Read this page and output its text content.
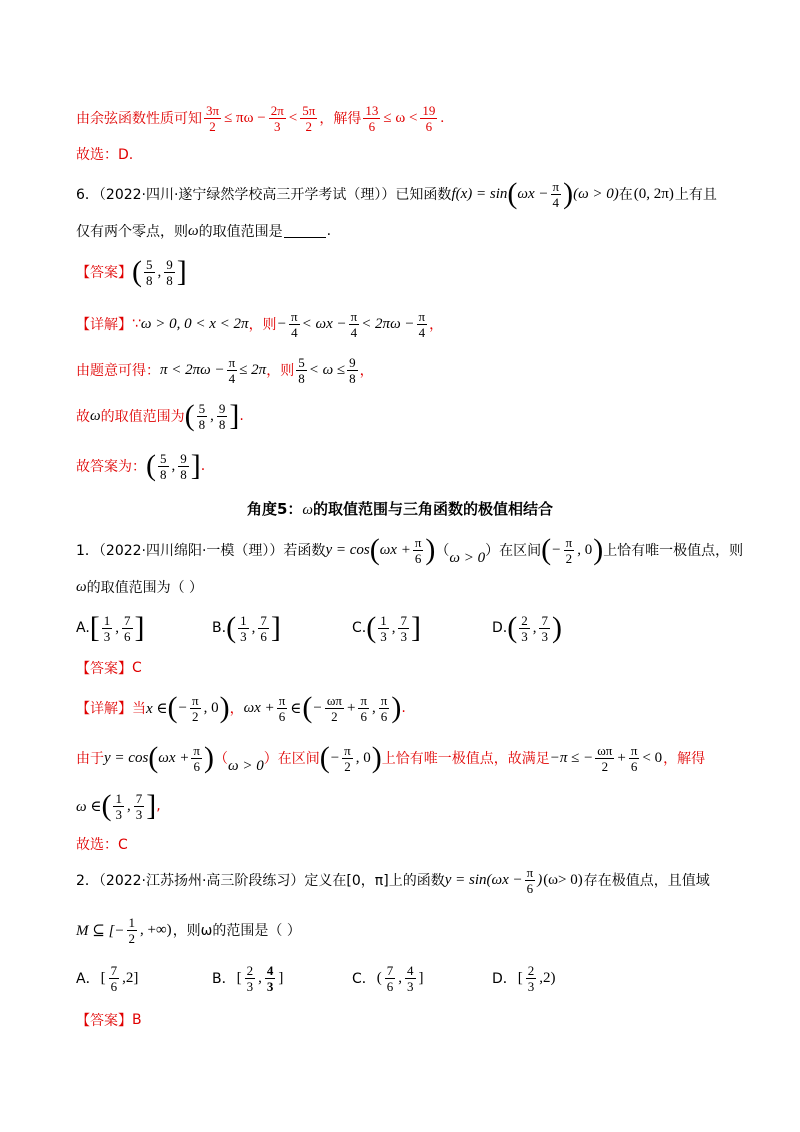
由余弦函数性质可知 $\frac{3\pi}{2} \le \pi\omega - \frac{2\pi}{3} < \frac{5\pi}{2}$ ，解得 $\frac{13}{6} \le \omega < \frac{19}{6}$ .
故选：D.
6．（2022·四川·遂宁绿然学校高三开学考试（理））已知函数 f(x) = sin ( $\omega x - \frac{\pi}{4}$ ) (ω > 0) 在 (0, 2π) 上有且
仅有两个零点，则 ω 的取值范围是	.
【答案】 ( $\frac{5}{8}$ , $\frac{9}{8}$ ]
【详解】 ∵ ω > 0, 0 < x < 2π ，则 − $\frac{\pi}{4} < \omega x - \frac{\pi}{4} < 2\pi\omega - \frac{\pi}{4}$ ，
由题意可得： $\pi < 2\pi\omega - \frac{\pi}{4} \le 2\pi$ ，则 $\frac{5}{8} < \omega \le \frac{9}{8}$ ，
故 ω 的取值范围为 ( $\frac{5}{8}$ , $\frac{9}{8}$ ] .
故答案为： ( $\frac{5}{8}$ , $\frac{9}{8}$ ] .
角度5：ω的取值范围与三角函数的极值相结合
1．（2022·四川绵阳·一模（理））若函数 y = cos ( $\omega x + \frac{\pi}{6}$ ) （ ω > 0 ）在区间 ( − $\frac{\pi}{2}$ , 0 ) 上恰有唯一极值点，则
ω 的取值范围为（ ）
A. [ $\frac{1}{3}$ , $\frac{7}{6}$ ]	B. ( $\frac{1}{3}$ , $\frac{7}{6}$ ]	C. ( $\frac{1}{3}$ , $\frac{7}{3}$ ]	D. ( $\frac{2}{3}$ , $\frac{7}{3}$ )
【答案】 C
【详解】 当 x ∈ ( − $\frac{\pi}{2}$ , 0 ) ， $\omega x + \frac{\pi}{6}$ ∈ ( − $\frac{\omega\pi}{2} + \frac{\pi}{6}$ , $\frac{\pi}{6}$ ) .
由于 y = cos ( $\omega x + \frac{\pi}{6}$ ) （ ω > 0 ）在区间 ( − $\frac{\pi}{2}$ , 0 ) 上恰有唯一极值点，故满足 −π ≤ − $\frac{\omega\pi}{2} + \frac{\pi}{6} < 0$ ，解得
ω ∈ ( $\frac{1}{3}$ , $\frac{7}{3}$ ] ,
故选：C
2．（2022·江苏扬州·高三阶段练习）定义在[0，π]上的函数 $y = \sin(\omega x - \frac{\pi}{6}$ ) (ω> 0) 存在极值点，且值域
M ⊆ [− $\frac{1}{2}$ , +∞) ，则ω的范围是（ ）
A． [ $\frac{7}{6} ,2$]	B． [ $\frac{2}{3}$ , $\frac{4}{3}$ ]	C． ( $\frac{7}{6}$ , $\frac{4}{3}$ ]	D． [ $\frac{2}{3} ,2$)
【答案】 B
